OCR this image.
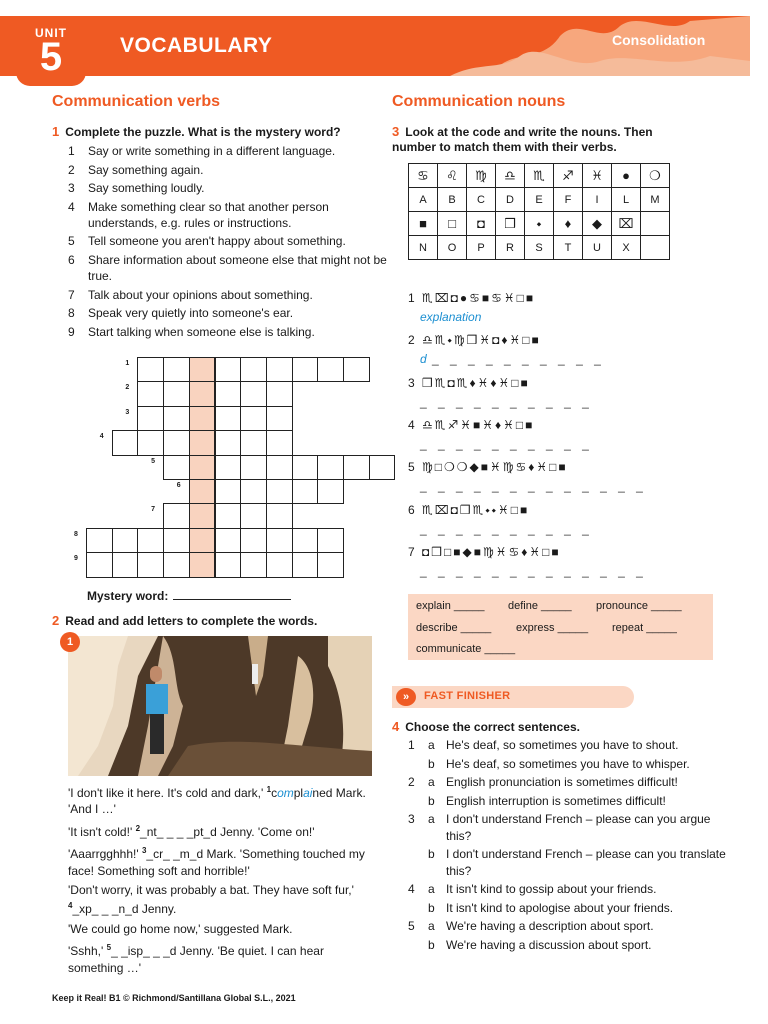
UNIT
5	VOCABULARY	Consolidation
Communication verbs
1 Complete the puzzle. What is the mystery word?
1	Say or write something in a different language.
2	Say something again.
3	Say something loudly.
4	Make something clear so that another person understands, e.g. rules or instructions.
5	Tell someone you aren't happy about something.
6	Share information about someone else that might not be true.
7	Talk about your opinions about something.
8	Speak very quietly into someone's ear.
9	Start talking when someone else is talking.
1
2
3
4
5
6
7
8
9
Mystery word:
2 Read and add letters to complete the words.
1

'I don't like it here. It's cold and dark,' $^1$complained Mark. 'And I …'

'It isn't cold!' $^2$_nt_ _ _ _pt_d Jenny. 'Come on!'

'Aaarrgghhh!' $^3$_cr_ _m_d Mark. 'Something touched my face! Something soft and horrible!'

'Don't worry, it was probably a bat. They have soft fur,' $^4$_xp_ _ _n_d Jenny.

'We could go home now,' suggested Mark.

'Sshh,' $^5$_ _isp_ _ _d Jenny. 'Be quiet. I can hear something …'

Communication nouns
3 Look at the code and write the nouns. Then number to match them with their verbs.
♋	♌	♍	♎	♏	♐	♓	●	❍
A	B	C	D	E	F	I	L	M
■	□	◘	❒	⬩	♦	◆	⌧	
N	O	P	R	S	T	U	X	
1 ♏⌧◘●♋■♋♓□■
explanation
2 ♎♏⬩♍❒♓◘♦♓□■
d _ _ _ _ _ _ _ _ _ _
3 ❒♏◘♏♦♓♦♓□■
_ _ _ _ _ _ _ _ _ _
4 ♎♏♐♓■♓♦♓□■
_ _ _ _ _ _ _ _ _ _
5 ♍□❍❍◆■♓♍♋♦♓□■
_ _ _ _ _ _ _ _ _ _ _ _ _
6 ♏⌧◘❒♏⬩⬩♓□■
_ _ _ _ _ _ _ _ _ _
7 ◘❒□■◆■♍♓♋♦♓□■
_ _ _ _ _ _ _ _ _ _ _ _ _
explain _____ define _____ pronounce _____
describe _____ express _____ repeat _____
communicate _____
»	FAST FINISHER
4 Choose the correct sentences.
1	a He's deaf, so sometimes you have to shout.
b He's deaf, so sometimes you have to whisper.
2	a English pronunciation is sometimes difficult!
b English interruption is sometimes difficult!
3	a I don't understand French – please can you argue this?
b I don't understand French – please can you translate this?
4	a It isn't kind to gossip about your friends.
b It isn't kind to apologise about your friends.
5	a We're having a description about sport.
b We're having a discussion about sport.
Keep it Real! B1 © Richmond/Santillana Global S.L., 2021
